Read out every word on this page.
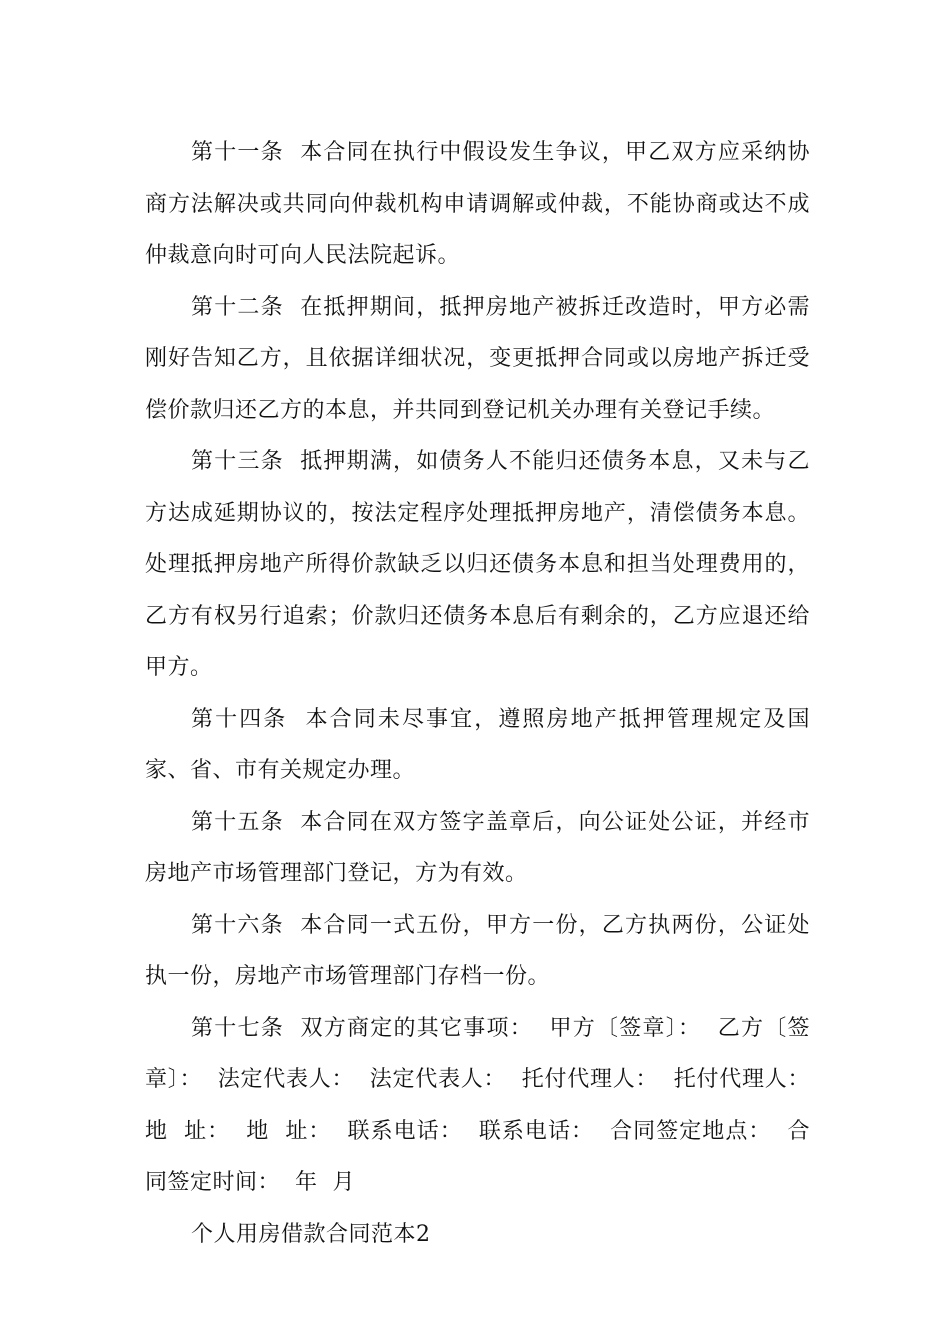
第十一条  本合同在执行中假设发生争议，甲乙双方应采纳协商方法解决或共同向仲裁机构申请调解或仲裁，不能协商或达不成仲裁意向时可向人民法院起诉。

第十二条  在抵押期间，抵押房地产被拆迁改造时，甲方必需刚好告知乙方，且依据详细状况，变更抵押合同或以房地产拆迁受偿价款归还乙方的本息，并共同到登记机关办理有关登记手续。

第十三条  抵押期满，如债务人不能归还债务本息，又未与乙方达成延期协议的，按法定程序处理抵押房地产，清偿债务本息。处理抵押房地产所得价款缺乏以归还债务本息和担当处理费用的，乙方有权另行追索；价款归还债务本息后有剩余的，乙方应退还给甲方。

第十四条  本合同未尽事宜，遵照房地产抵押管理规定及国家、省、市有关规定办理。

第十五条  本合同在双方签字盖章后，向公证处公证，并经市房地产市场管理部门登记，方为有效。

第十六条  本合同一式五份，甲方一份，乙方执两份，公证处执一份，房地产市场管理部门存档一份。

第十七条  双方商定的其它事项：  甲方〔签章〕：  乙方〔签章〕：  法定代表人：  法定代表人：  托付代理人：  托付代理人：  地  址：  地  址：  联系电话：  联系电话：  合同签定地点：  合同签定时间：  年  月

个人用房借款合同范本2
